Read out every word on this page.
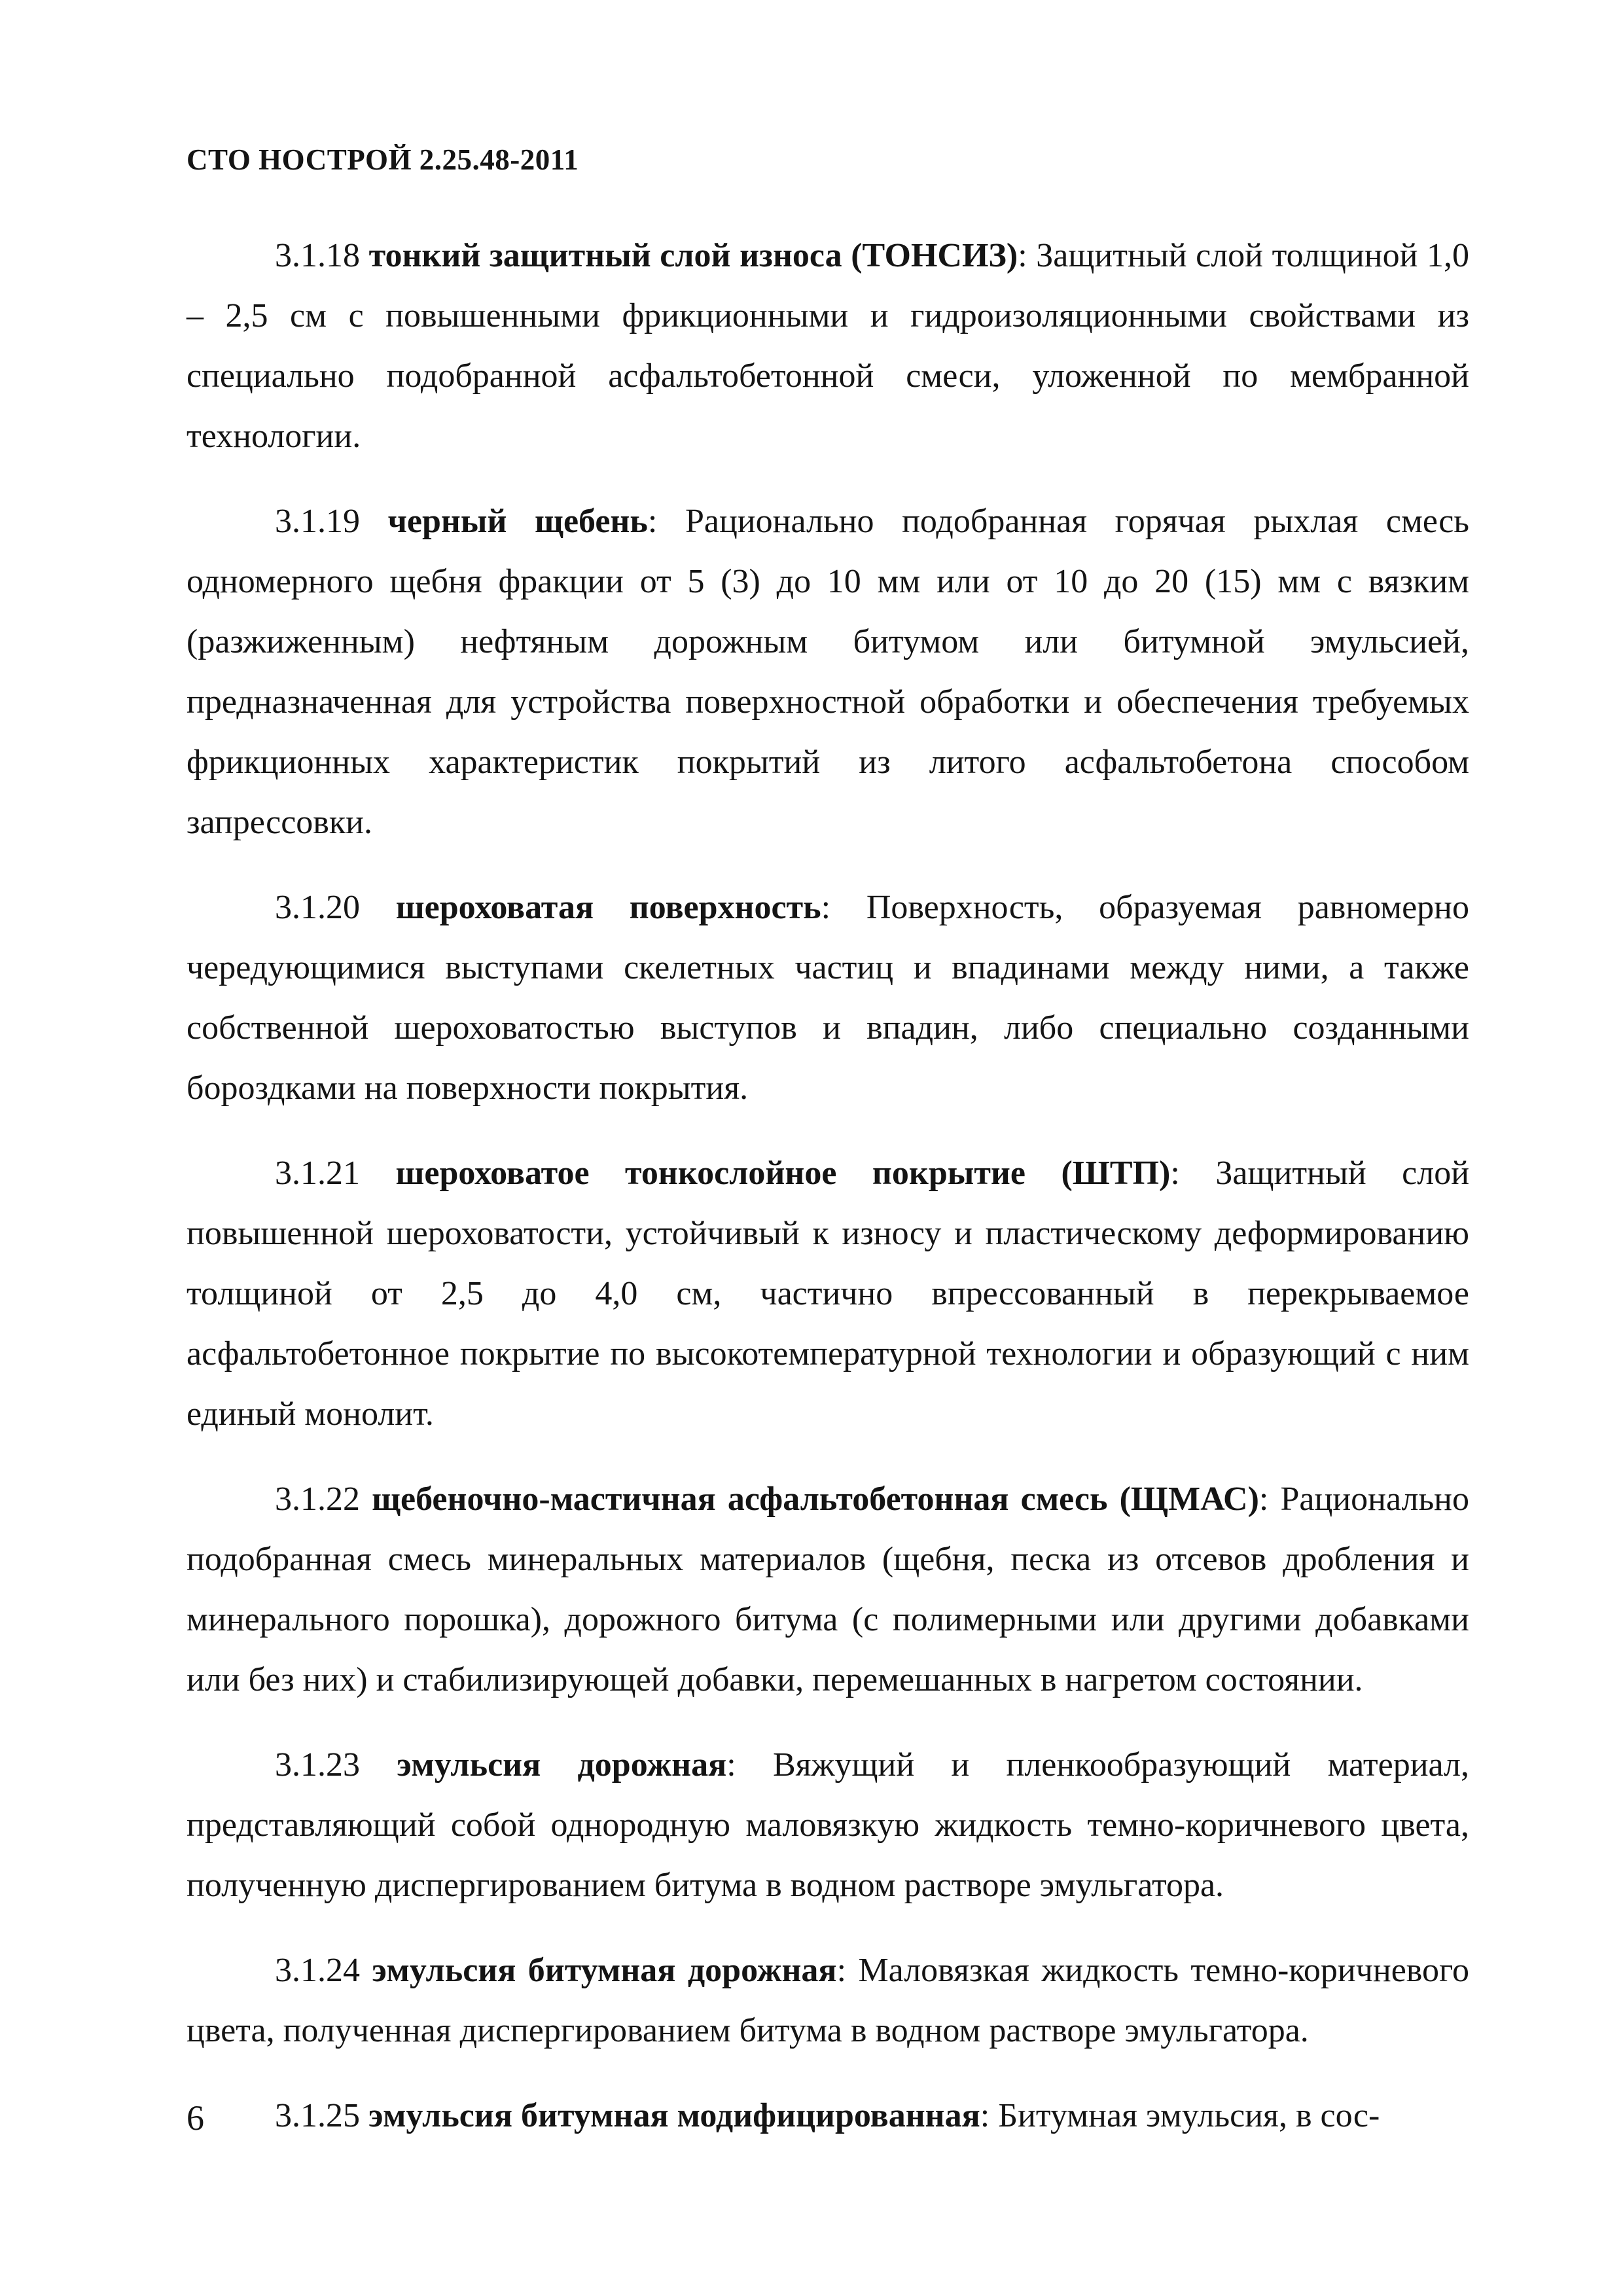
СТО НОСТРОЙ 2.25.48-2011

3.1.18 тонкий защитный слой износа (ТОНСИЗ): Защитный слой толщиной 1,0 – 2,5 см с повышенными фрикционными и гидроизоляционными свойствами из специально подобранной асфальтобетонной смеси, уложенной по мембранной технологии.

3.1.19 черный щебень: Рационально подобранная горячая рыхлая смесь одномерного щебня фракции от 5 (3) до 10 мм или от 10 до 20 (15) мм с вязким (разжиженным) нефтяным дорожным битумом или битумной эмульсией, предназначенная для устройства поверхностной обработки и обеспечения требуемых фрикционных характеристик покрытий из литого асфальтобетона способом запрессовки.

3.1.20 шероховатая поверхность: Поверхность, образуемая равномерно чередующимися выступами скелетных частиц и впадинами между ними, а также собственной шероховатостью выступов и впадин, либо специально созданными бороздками на поверхности покрытия.

3.1.21 шероховатое тонкослойное покрытие (ШТП): Защитный слой повышенной шероховатости, устойчивый к износу и пластическому деформированию толщиной от 2,5 до 4,0 см, частично впрессованный в перекрываемое асфальтобетонное покрытие по высокотемпературной технологии и образующий с ним единый монолит.

3.1.22 щебеночно-мастичная асфальтобетонная смесь (ЩМАС): Рационально подобранная смесь минеральных материалов (щебня, песка из отсевов дробления и минерального порошка), дорожного битума (с полимерными или другими добавками или без них) и стабилизирующей добавки, перемешанных в нагретом состоянии.

3.1.23 эмульсия дорожная: Вяжущий и пленкообразующий материал, представляющий собой однородную маловязкую жидкость темно-коричневого цвета, полученную диспергированием битума в водном растворе эмульгатора.

3.1.24 эмульсия битумная дорожная: Маловязкая жидкость темно-коричневого цвета, полученная диспергированием битума в водном растворе эмульгатора.

3.1.25 эмульсия битумная модифицированная: Битумная эмульсия, в сос-

6
